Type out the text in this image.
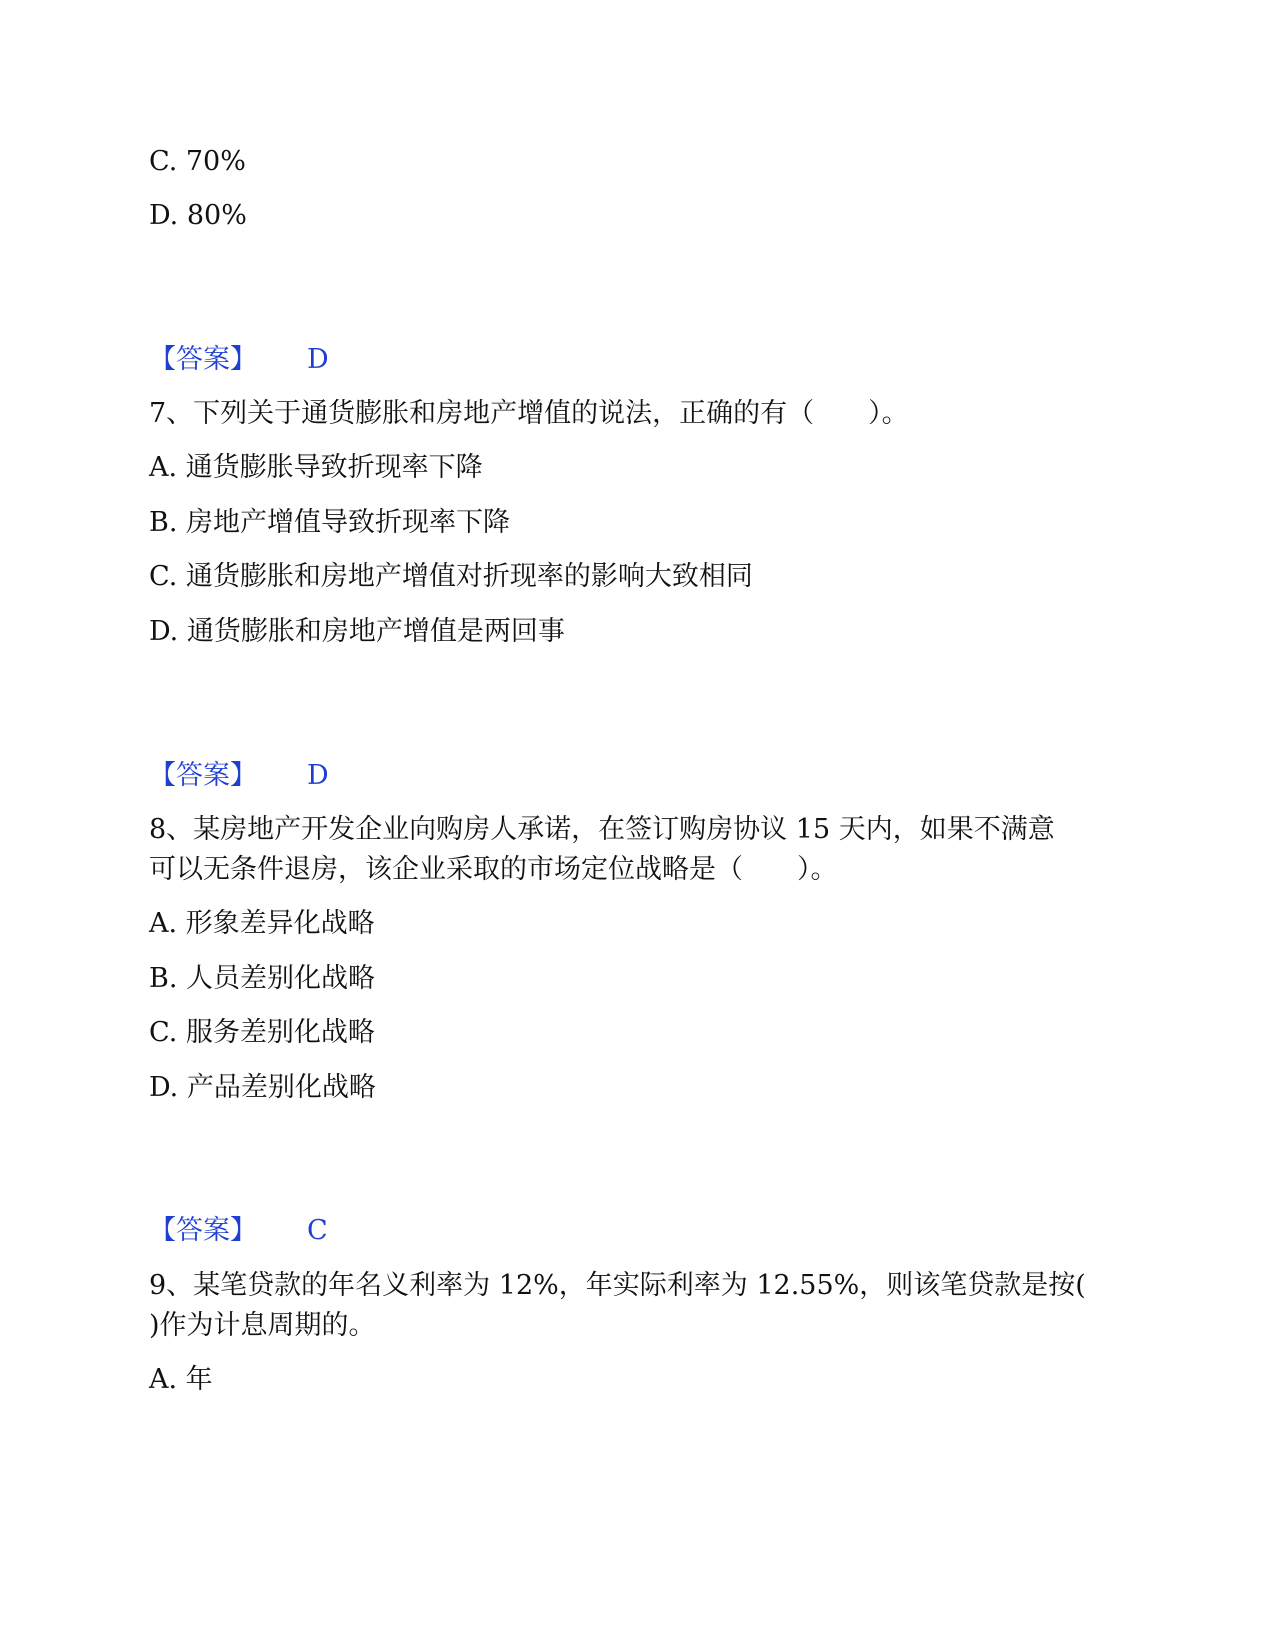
C. 70%
D. 80%
【答案】 D
7、下列关于通货膨胀和房地产增值的说法，正确的有（　　）。
A. 通货膨胀导致折现率下降
B. 房地产增值导致折现率下降
C. 通货膨胀和房地产增值对折现率的影响大致相同
D. 通货膨胀和房地产增值是两回事
【答案】 D
8、某房地产开发企业向购房人承诺，在签订购房协议 15 天内，如果不满意
可以无条件退房，该企业采取的市场定位战略是（　　）。
A. 形象差异化战略
B. 人员差别化战略
C. 服务差别化战略
D. 产品差别化战略
【答案】 C
9、某笔贷款的年名义利率为 12%，年实际利率为 12.55%，则该笔贷款是按(
)作为计息周期的。
A. 年
